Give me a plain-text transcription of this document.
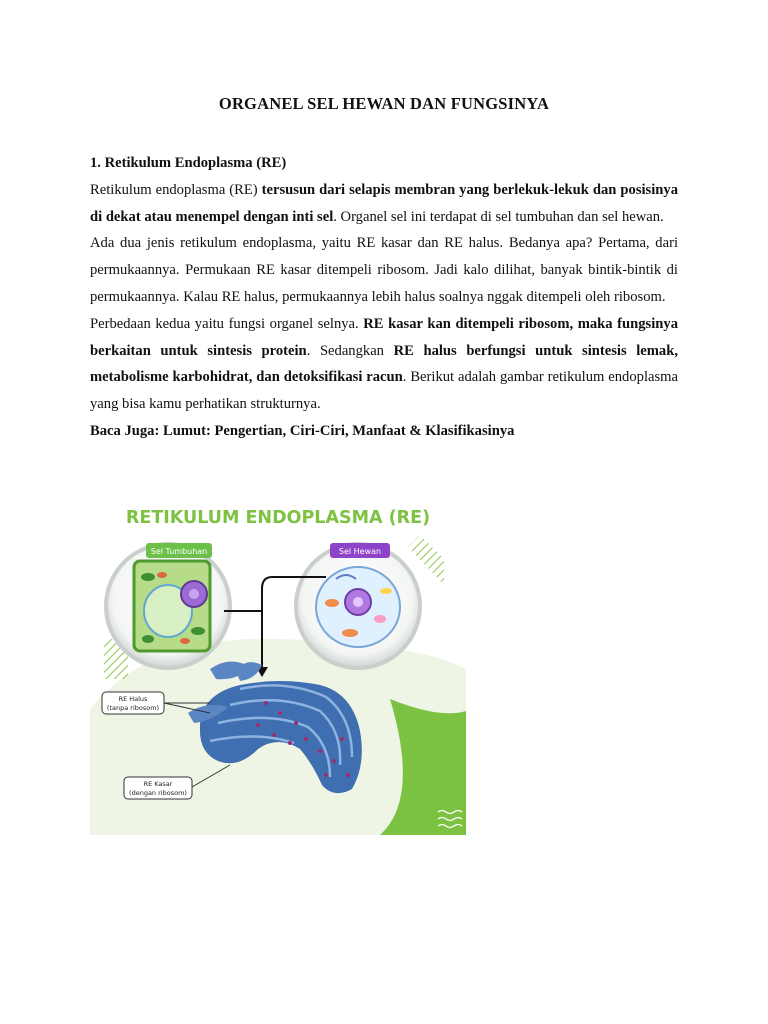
ORGANEL SEL HEWAN DAN FUNGSINYA

1. Retikulum Endoplasma (RE)

Retikulum endoplasma (RE) tersusun dari selapis membran yang berlekuk-lekuk dan posisinya di dekat atau menempel dengan inti sel. Organel sel ini terdapat di sel tumbuhan dan sel hewan.

Ada dua jenis retikulum endoplasma, yaitu RE kasar dan RE halus. Bedanya apa? Pertama, dari permukaannya. Permukaan RE kasar ditempeli ribosom. Jadi kalo dilihat, banyak bintik-bintik di permukaannya. Kalau RE halus, permukaannya lebih halus soalnya nggak ditempeli oleh ribosom.

Perbedaan kedua yaitu fungsi organel selnya. RE kasar kan ditempeli ribosom, maka fungsinya berkaitan untuk sintesis protein. Sedangkan RE halus berfungsi untuk sintesis lemak, metabolisme karbohidrat, dan detoksifikasi racun. Berikut adalah gambar retikulum endoplasma yang bisa kamu perhatikan strukturnya.

Baca Juga: Lumut: Pengertian, Ciri-Ciri, Manfaat & Klasifikasinya

RETIKULUM ENDOPLASMA (RE)
Sel Tumbuhan	Sel Hewan
RE Halus
(tanpa ribosom)
RE Kasar
(dengan ribosom)
